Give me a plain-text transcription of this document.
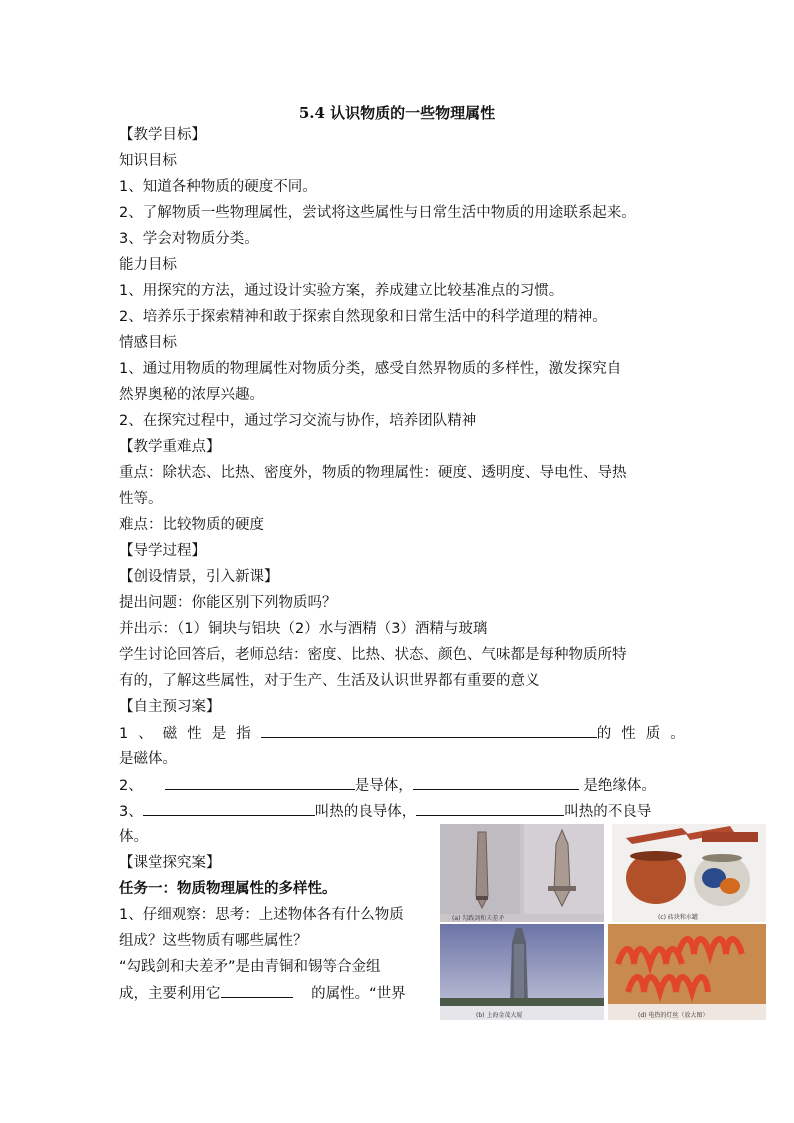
5.4 认识物质的一些物理属性
【教学目标】
知识目标
1、知道各种物质的硬度不同。
2、了解物质一些物理属性，尝试将这些属性与日常生活中物质的用途联系起来。
3、学会对物质分类。
能力目标
1、用探究的方法，通过设计实验方案，养成建立比较基准点的习惯。
2、培养乐于探索精神和敢于探索自然现象和日常生活中的科学道理的精神。
情感目标
1、通过用物质的物理属性对物质分类，感受自然界物质的多样性，激发探究自
然界奥秘的浓厚兴趣。
2、在探究过程中，通过学习交流与协作，培养团队精神
【教学重难点】
重点：除状态、比热、密度外，物质的物理属性：硬度、透明度、导电性、导热
性等。
难点：比较物质的硬度
【导学过程】
【创设情景，引入新课】
提出问题：你能区别下列物质吗？
并出示：（1）铜块与铝块（2）水与酒精（3）酒精与玻璃
学生讨论回答后，老师总结：密度、比热、状态、颜色、气味都是每种物质所特
有的，了解这些属性，对于生产、生活及认识世界都有重要的意义
【自主预习案】
1、磁性是指	的性质。
是磁体。
2、	是导体，	是绝缘体。
3、	叫热的良导体，	叫热的不良导
体。
【课堂探究案】
任务一：物质物理属性的多样性。
1、仔细观察：思考：上述物体各有什么物质
组成？这些物质有哪些属性？
“勾践剑和夫差矛”是由青铜和锡等合金组
成，主要利用它	的属性。“世界
(a) 勾践剑和夫差矛	(c) 砖块和水罐
(b) 上海金茂大厦	(d) 电热的灯丝（放大图）
